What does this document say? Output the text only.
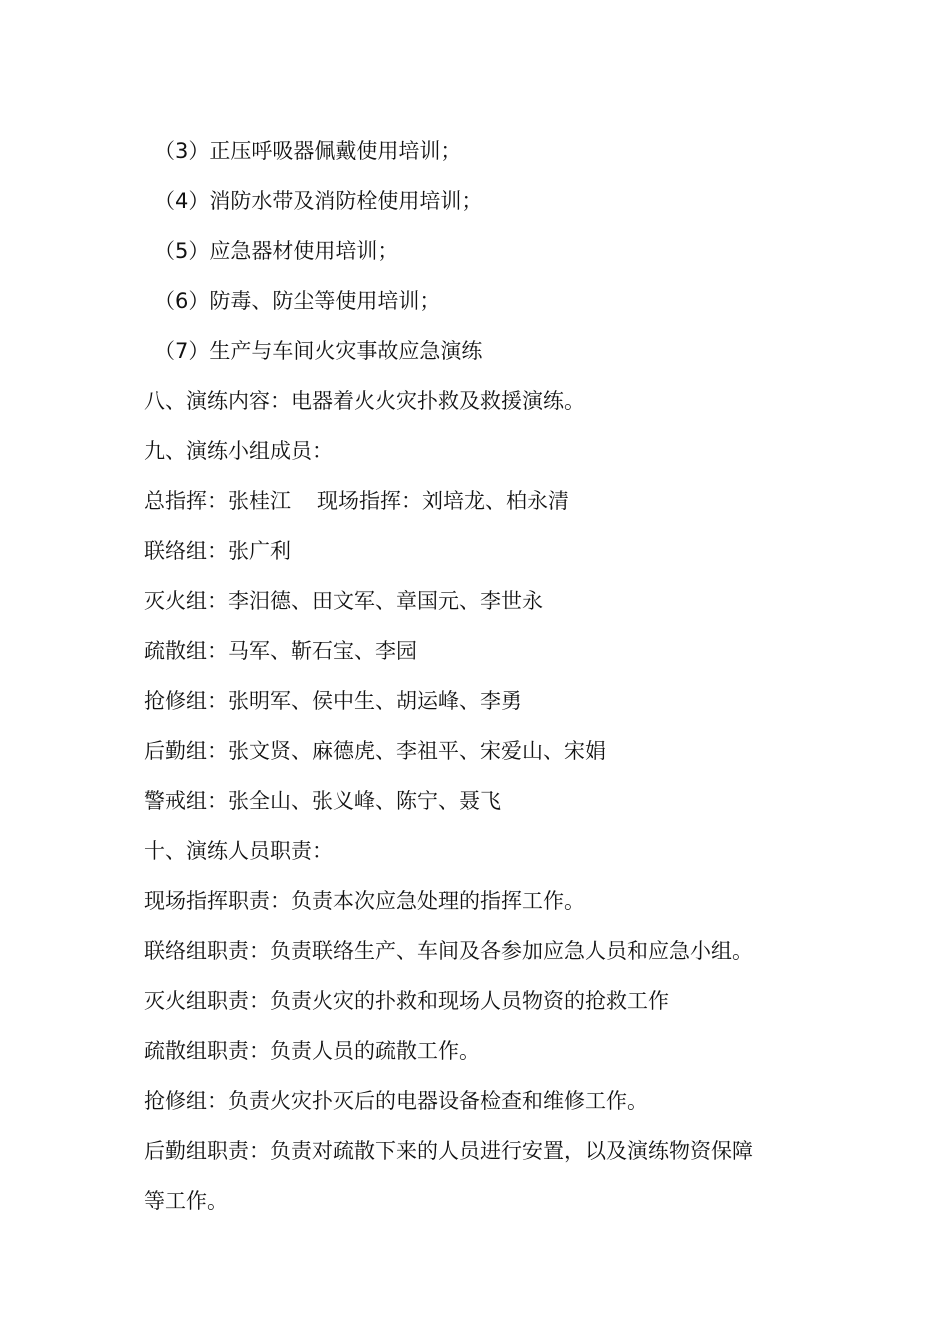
（3）正压呼吸器佩戴使用培训；
（4）消防水带及消防栓使用培训；
（5）应急器材使用培训；
（6）防毒、防尘等使用培训；
（7）生产与车间火灾事故应急演练
八、演练内容：电器着火火灾扑救及救援演练。
九、演练小组成员：
总指挥：张桂江 现场指挥：刘培龙、柏永清
联络组：张广利
灭火组：李汨德、田文军、章国元、李世永
疏散组：马军、靳石宝、李园
抢修组：张明军、侯中生、胡运峰、李勇
后勤组：张文贤、麻德虎、李祖平、宋爱山、宋娟
警戒组：张全山、张义峰、陈宁、聂飞
十、演练人员职责：
现场指挥职责：负责本次应急处理的指挥工作。
联络组职责：负责联络生产、车间及各参加应急人员和应急小组。
灭火组职责：负责火灾的扑救和现场人员物资的抢救工作
疏散组职责：负责人员的疏散工作。
抢修组：负责火灾扑灭后的电器设备检查和维修工作。
后勤组职责：负责对疏散下来的人员进行安置，以及演练物资保障
等工作。
